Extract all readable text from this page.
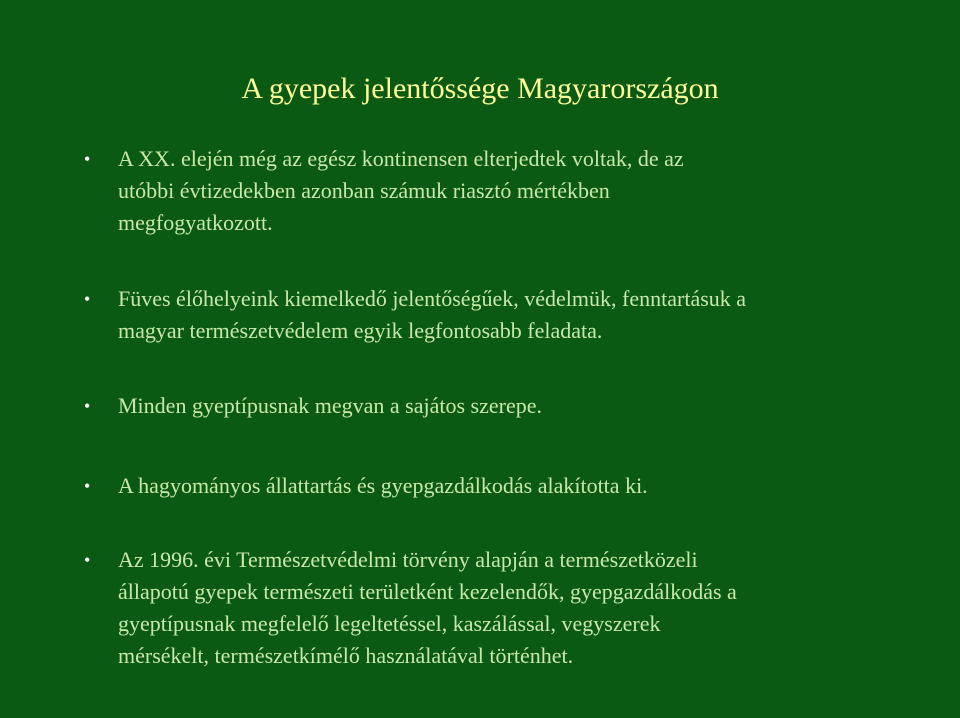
A gyepek jelentőssége Magyarországon
•	A XX. elején még az egész kontinensen elterjedtek voltak, de az
utóbbi évtizedekben azonban számuk riasztó mértékben
megfogyatkozott.
•	Füves élőhelyeink kiemelkedő jelentőségűek, védelmük, fenntartásuk a
magyar természetvédelem egyik legfontosabb feladata.
•	Minden gyeptípusnak megvan a sajátos szerepe.
•	A hagyományos állattartás és gyepgazdálkodás alakította ki.
•	Az 1996. évi Természetvédelmi törvény alapján a természetközeli
állapotú gyepek természeti területként kezelendők, gyepgazdálkodás a
gyeptípusnak megfelelő legeltetéssel, kaszálással, vegyszerek
mérsékelt, természetkímélő használatával történhet.
